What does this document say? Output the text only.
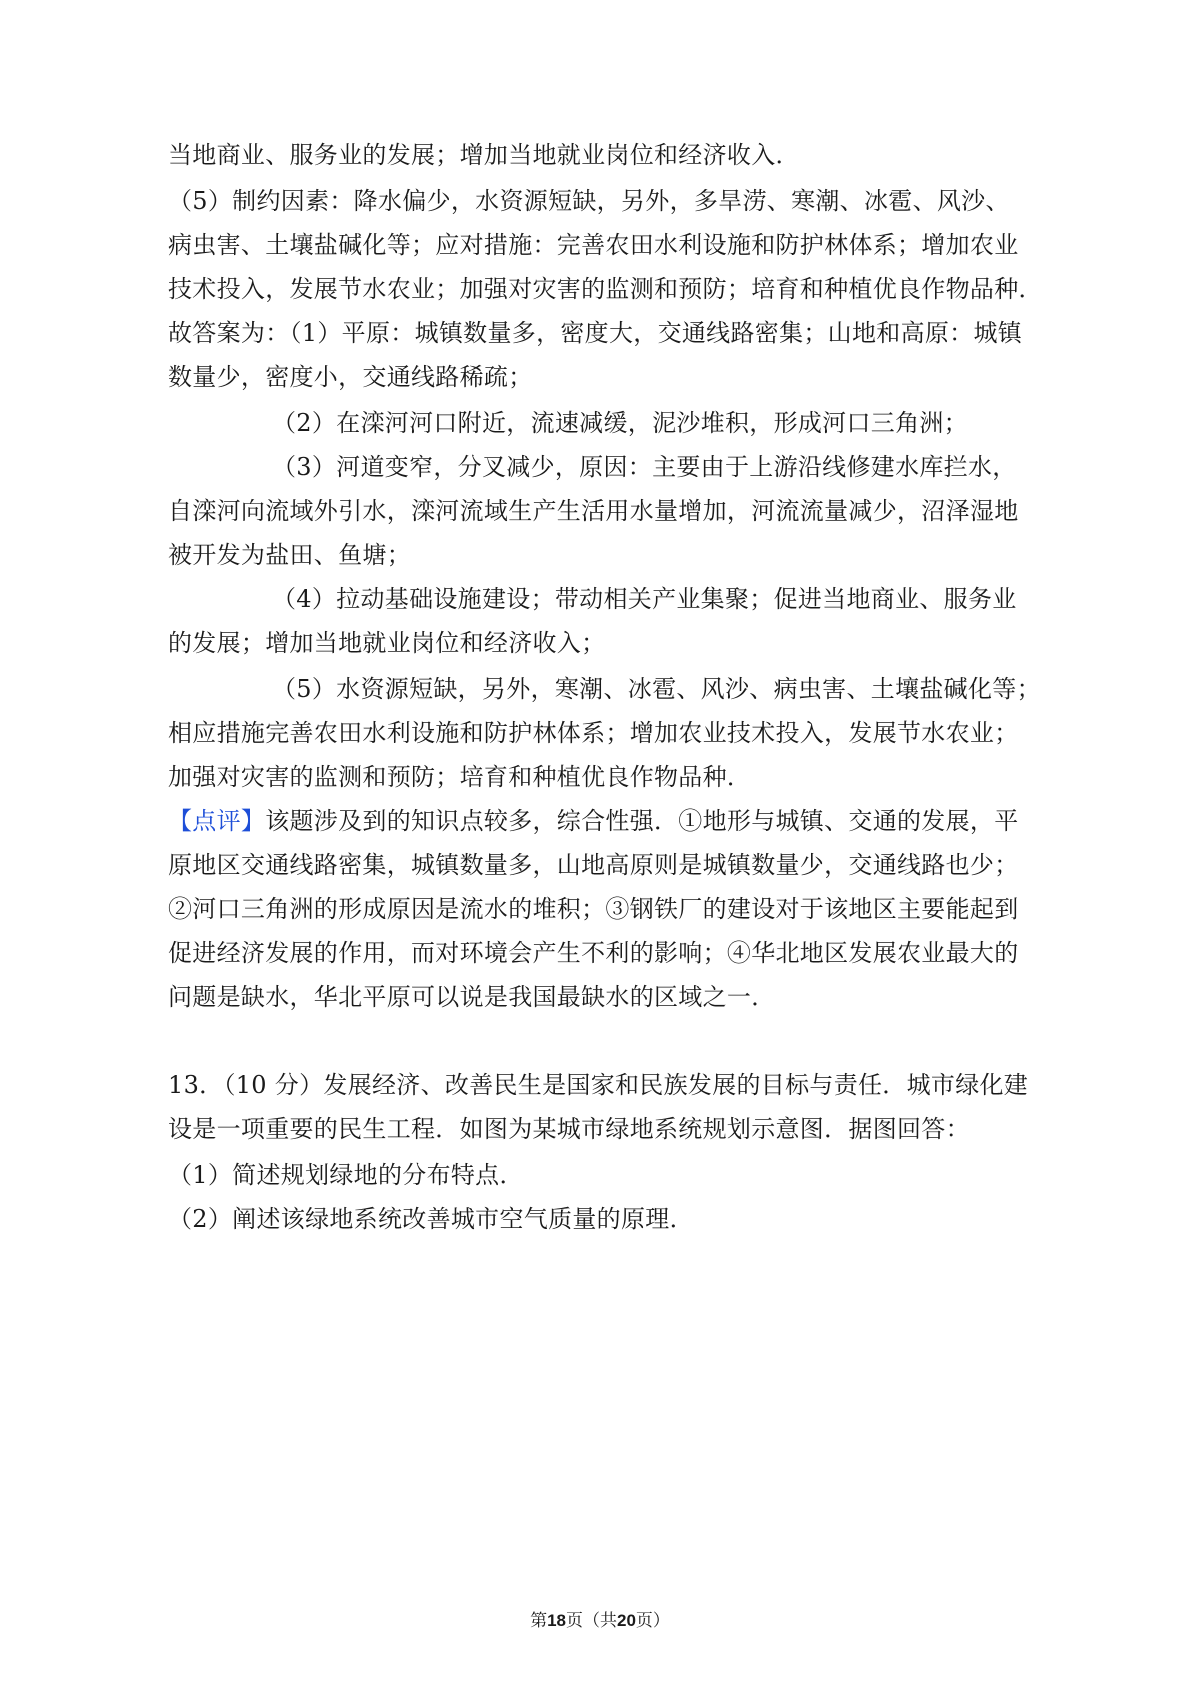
当地商业、服务业的发展；增加当地就业岗位和经济收入．
（5）制约因素：降水偏少，水资源短缺，另外，多旱涝、寒潮、冰雹、风沙、
病虫害、土壤盐碱化等；应对措施：完善农田水利设施和防护林体系；增加农业
技术投入，发展节水农业；加强对灾害的监测和预防；培育和种植优良作物品种．
故答案为：（1）平原：城镇数量多，密度大，交通线路密集；山地和高原：城镇
数量少，密度小，交通线路稀疏；
（2）在滦河河口附近，流速减缓，泥沙堆积，形成河口三角洲；
（3）河道变窄，分叉减少，原因：主要由于上游沿线修建水库拦水，
自滦河向流域外引水，滦河流域生产生活用水量增加，河流流量减少，沼泽湿地
被开发为盐田、鱼塘；
（4）拉动基础设施建设；带动相关产业集聚；促进当地商业、服务业
的发展；增加当地就业岗位和经济收入；
（5）水资源短缺，另外，寒潮、冰雹、风沙、病虫害、土壤盐碱化等；
相应措施完善农田水利设施和防护林体系；增加农业技术投入，发展节水农业；
加强对灾害的监测和预防；培育和种植优良作物品种．
【点评】该题涉及到的知识点较多，综合性强．①地形与城镇、交通的发展，平
原地区交通线路密集，城镇数量多，山地高原则是城镇数量少，交通线路也少；
②河口三角洲的形成原因是流水的堆积；③钢铁厂的建设对于该地区主要能起到
促进经济发展的作用，而对环境会产生不利的影响；④华北地区发展农业最大的
问题是缺水，华北平原可以说是我国最缺水的区域之一．
13．（10 分）发展经济、改善民生是国家和民族发展的目标与责任．城市绿化建
设是一项重要的民生工程．如图为某城市绿地系统规划示意图．据图回答：
（1）简述规划绿地的分布特点．
（2）阐述该绿地系统改善城市空气质量的原理．
第18页（共20页）
